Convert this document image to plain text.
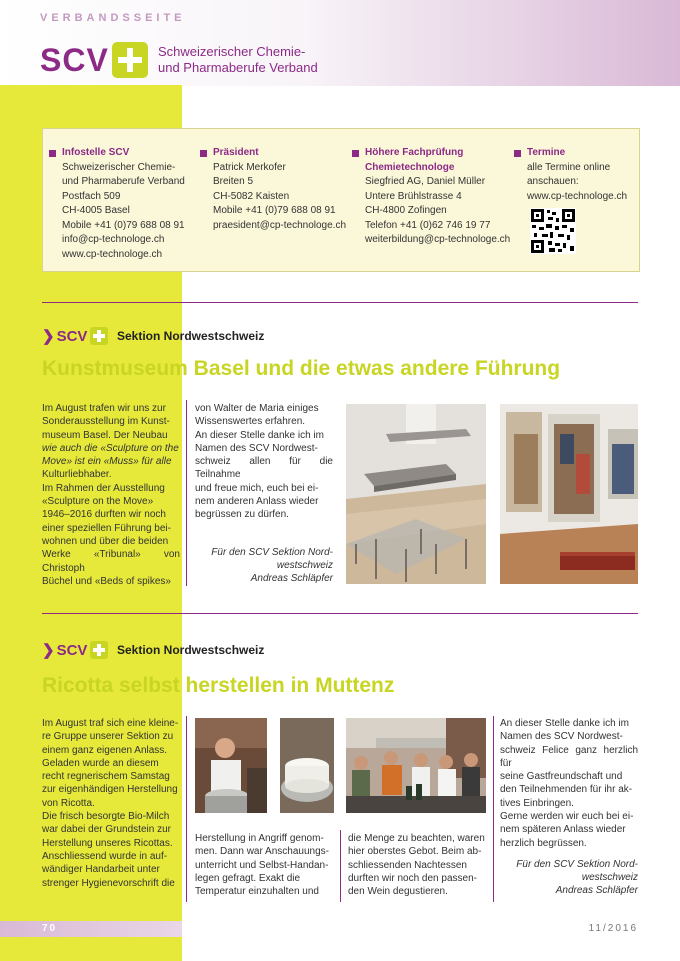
VERBANDSSEITE
SCV	Schweizerischer Chemie-
und Pharmaberufe Verband
Infostelle SCV
Schweizerischer Chemie-
und Pharmaberufe Verband
Postfach 509
CH-4005 Basel
Mobile +41 (0)79 688 08 91
info@cp-technologe.ch
www.cp-technologe.ch
Präsident
Patrick Merkofer
Breiten 5
CH-5082 Kaisten
Mobile +41 (0)79 688 08 91
praesident@cp-technologe.ch
Höhere Fachprüfung
Chemietechnologe
Siegfried AG, Daniel Müller
Untere Brühlstrasse 4
CH-4800 Zofingen
Telefon +41 (0)62 746 19 77
weiterbildung@cp-technologe.ch
Termine
alle Termine online
anschauen:
www.cp-technologe.ch
❯ SCV Sektion Nordwestschweiz
Kunstmuseum Basel und die etwas andere Führung

Im August trafen wir uns zur

Sonderausstellung im Kunst-

museum Basel. Der Neubau

wie auch die «Sculpture on the

Move» ist ein «Muss» für alle

Kulturliebhaber.

Im Rahmen der Ausstellung

«Sculpture on the Move»

1946–2016 durften wir noch

einer speziellen Führung bei-

wohnen und über die beiden

Werke «Tribunal» von Christoph

Büchel und «Beds of spikes»

von Walter de Maria einiges

Wissenswertes erfahren.

An dieser Stelle danke ich im

Namen des SCV Nordwest-

schweiz allen für die Teilnahme

und freue mich, euch bei ei-

nem anderen Anlass wieder

begrüssen zu dürfen.

Für den SCV Sektion Nord-
westschweiz
Andreas Schläpfer
❯ SCV Sektion Nordwestschweiz
Ricotta selbst herstellen in Muttenz

Im August traf sich eine kleine-

re Gruppe unserer Sektion zu

einem ganz eigenen Anlass.

Geladen wurde an diesem

recht regnerischem Samstag

zur eigenhändigen Herstellung

von Ricotta.

Die frisch besorgte Bio-Milch

war dabei der Grundstein zur

Herstellung unseres Ricottas.

Anschliessend wurde in auf-

wändiger Handarbeit unter

strenger Hygienevorschrift die

Herstellung in Angriff genom-

men. Dann war Anschauungs-

unterricht und Selbst-Handan-

legen gefragt. Exakt die

Temperatur einzuhalten und

die Menge zu beachten, waren

hier oberstes Gebot. Beim ab-

schliessenden Nachtessen

durften wir noch den passen-

den Wein degustieren.

An dieser Stelle danke ich im

Namen des SCV Nordwest-

schweiz Felice ganz herzlich für

seine Gastfreundschaft und

den Teilnehmenden für ihr ak-

tives Einbringen.

Gerne werden wir euch bei ei-

nem späteren Anlass wieder

herzlich begrüssen.

Für den SCV Sektion Nord-
westschweiz
Andreas Schläpfer
70	11/2016
